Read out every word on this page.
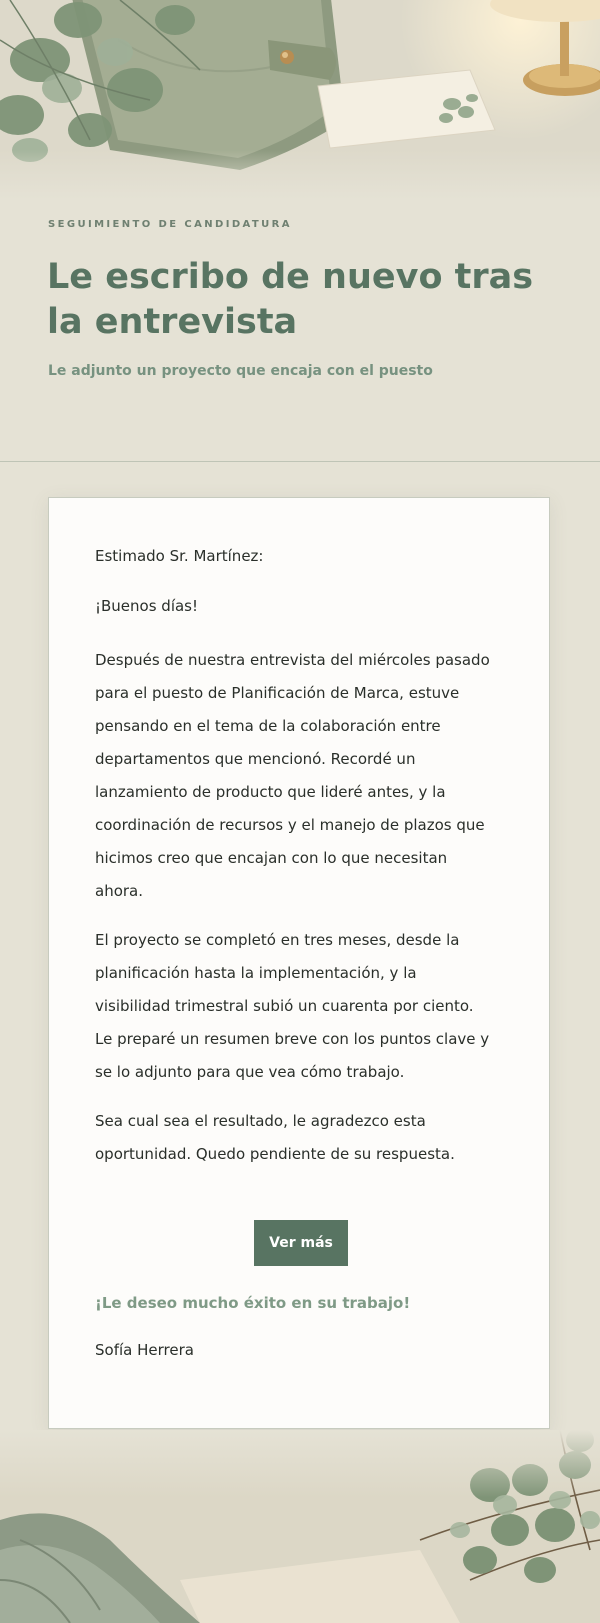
SEGUIMIENTO DE CANDIDATURA
Le escribo de nuevo tras la entrevista
Le adjunto un proyecto que encaja con el puesto

Estimado Sr. Martínez:

¡Buenos días!

Después de nuestra entrevista del miércoles pasado para el puesto de Planificación de Marca, estuve pensando en el tema de la colaboración entre departamentos que mencionó. Recordé un lanzamiento de producto que lideré antes, y la coordinación de recursos y el manejo de plazos que hicimos creo que encajan con lo que necesitan ahora.

El proyecto se completó en tres meses, desde la planificación hasta la implementación, y la visibilidad trimestral subió un cuarenta por ciento. Le preparé un resumen breve con los puntos clave y se lo adjunto para que vea cómo trabajo.

Sea cual sea el resultado, le agradezco esta oportunidad. Quedo pendiente de su respuesta.

Ver más
¡Le deseo mucho éxito en su trabajo!
Sofía Herrera
